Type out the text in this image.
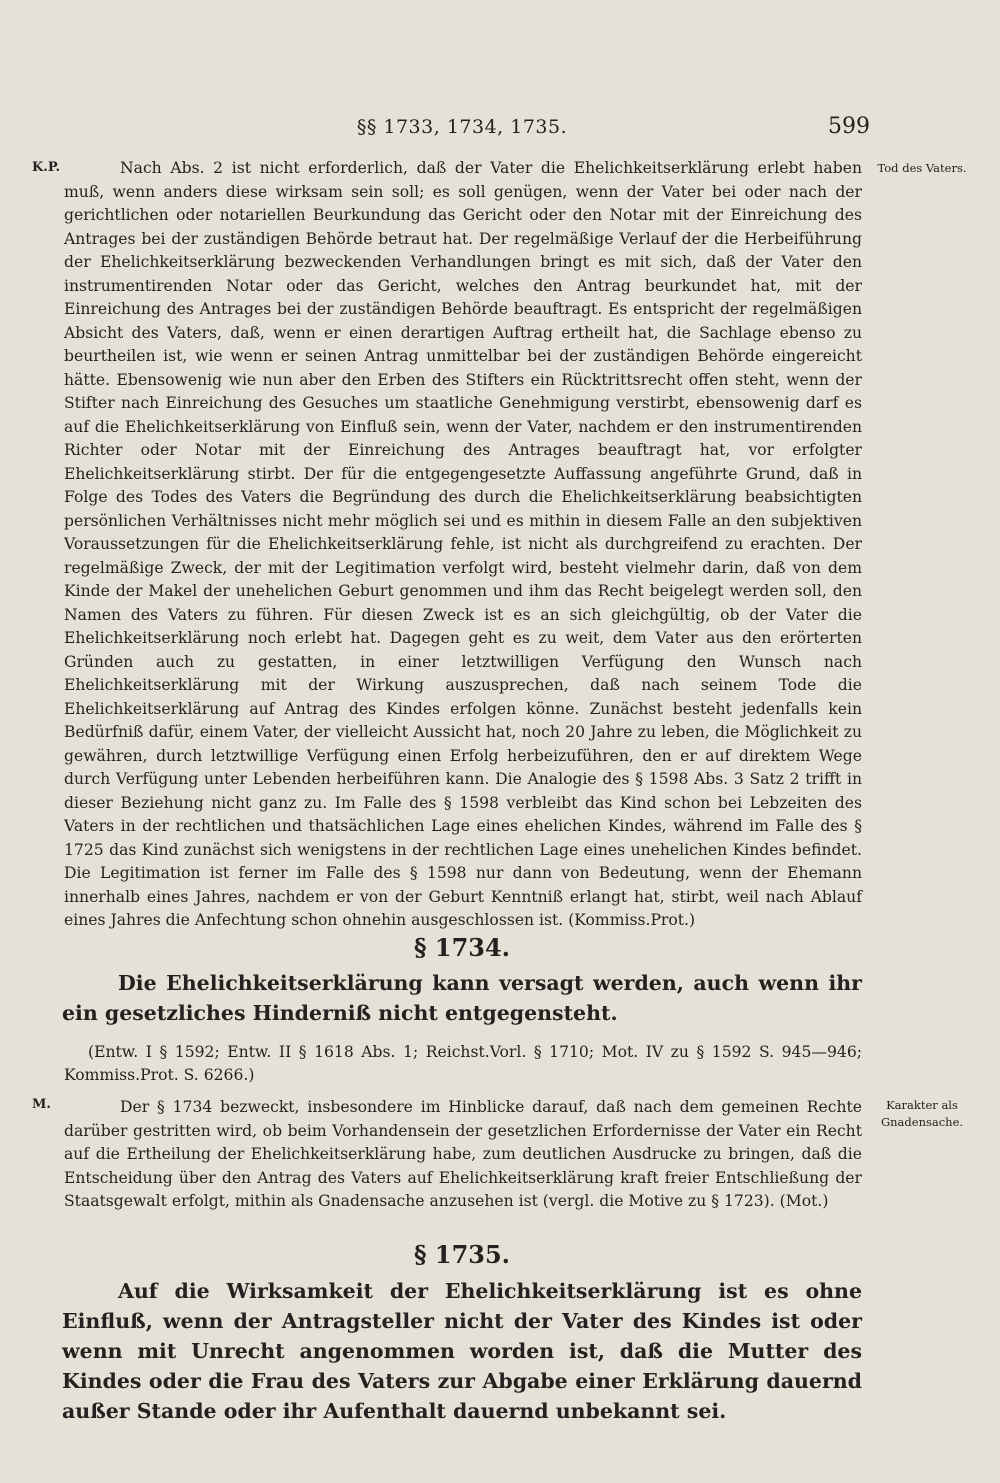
§§ 1733, 1734, 1735.	599
K.P.	Tod des Vaters.

Nach Abs. 2 ist nicht erforderlich, daß der Vater die Ehelichkeitserklärung erlebt haben muß, wenn anders diese wirksam sein soll; es soll genügen, wenn der Vater bei oder nach der gerichtlichen oder notariellen Beurkundung das Gericht oder den Notar mit der Einreichung des Antrages bei der zuständigen Behörde betraut hat. Der regelmäßige Verlauf der die Herbeiführung der Ehelichkeitserklärung bezweckenden Verhandlungen bringt es mit sich, daß der Vater den instrumentirenden Notar oder das Gericht, welches den Antrag beurkundet hat, mit der Einreichung des Antrages bei der zuständigen Behörde beauftragt. Es entspricht der regelmäßigen Absicht des Vaters, daß, wenn er einen derartigen Auftrag ertheilt hat, die Sachlage ebenso zu beurtheilen ist, wie wenn er seinen Antrag unmittelbar bei der zuständigen Behörde eingereicht hätte. Ebensowenig wie nun aber den Erben des Stifters ein Rücktrittsrecht offen steht, wenn der Stifter nach Einreichung des Gesuches um staatliche Genehmigung verstirbt, ebensowenig darf es auf die Ehelichkeitserklärung von Einfluß sein, wenn der Vater, nachdem er den instrumentirenden Richter oder Notar mit der Einreichung des Antrages beauftragt hat, vor erfolgter Ehelichkeitserklärung stirbt. Der für die entgegengesetzte Auffassung angeführte Grund, daß in Folge des Todes des Vaters die Begründung des durch die Ehelichkeitserklärung beabsichtigten persönlichen Verhältnisses nicht mehr möglich sei und es mithin in diesem Falle an den subjektiven Voraussetzungen für die Ehelichkeitserklärung fehle, ist nicht als durchgreifend zu erachten. Der regelmäßige Zweck, der mit der Legitimation verfolgt wird, besteht vielmehr darin, daß von dem Kinde der Makel der unehelichen Geburt genommen und ihm das Recht beigelegt werden soll, den Namen des Vaters zu führen. Für diesen Zweck ist es an sich gleichgültig, ob der Vater die Ehelichkeitserklärung noch erlebt hat. Dagegen geht es zu weit, dem Vater aus den erörterten Gründen auch zu gestatten, in einer letztwilligen Verfügung den Wunsch nach Ehelichkeitserklärung mit der Wirkung auszusprechen, daß nach seinem Tode die Ehelichkeitserklärung auf Antrag des Kindes erfolgen könne. Zunächst besteht jedenfalls kein Bedürfniß dafür, einem Vater, der vielleicht Aussicht hat, noch 20 Jahre zu leben, die Möglichkeit zu gewähren, durch letztwillige Verfügung einen Erfolg herbeizuführen, den er auf direktem Wege durch Verfügung unter Lebenden herbeiführen kann. Die Analogie des § 1598 Abs. 3 Satz 2 trifft in dieser Beziehung nicht ganz zu. Im Falle des § 1598 verbleibt das Kind schon bei Lebzeiten des Vaters in der rechtlichen und thatsächlichen Lage eines ehelichen Kindes, während im Falle des § 1725 das Kind zunächst sich wenigstens in der rechtlichen Lage eines unehelichen Kindes befindet. Die Legitimation ist ferner im Falle des § 1598 nur dann von Bedeutung, wenn der Ehemann innerhalb eines Jahres, nachdem er von der Geburt Kenntniß erlangt hat, stirbt, weil nach Ablauf eines Jahres die Anfechtung schon ohnehin ausgeschlossen ist. (Kommiss.Prot.)

§ 1734.

Die Ehelichkeitserklärung kann versagt werden, auch wenn ihr ein gesetzliches Hinderniß nicht entgegensteht.

(Entw. I § 1592; Entw. II § 1618 Abs. 1; Reichst.Vorl. § 1710; Mot. IV zu § 1592 S. 945—946; Kommiss.Prot. S. 6266.)

M.	Karakter als Gnadensache.

Der § 1734 bezweckt, insbesondere im Hinblicke darauf, daß nach dem gemeinen Rechte darüber gestritten wird, ob beim Vorhandensein der gesetzlichen Erfordernisse der Vater ein Recht auf die Ertheilung der Ehelichkeitserklärung habe, zum deutlichen Ausdrucke zu bringen, daß die Entscheidung über den Antrag des Vaters auf Ehelichkeitserklärung kraft freier Entschließung der Staatsgewalt erfolgt, mithin als Gnadensache anzusehen ist (vergl. die Motive zu § 1723). (Mot.)

§ 1735.

Auf die Wirksamkeit der Ehelichkeitserklärung ist es ohne Einfluß, wenn der Antragsteller nicht der Vater des Kindes ist oder wenn mit Unrecht angenommen worden ist, daß die Mutter des Kindes oder die Frau des Vaters zur Abgabe einer Erklärung dauernd außer Stande oder ihr Aufenthalt dauernd unbekannt sei.
